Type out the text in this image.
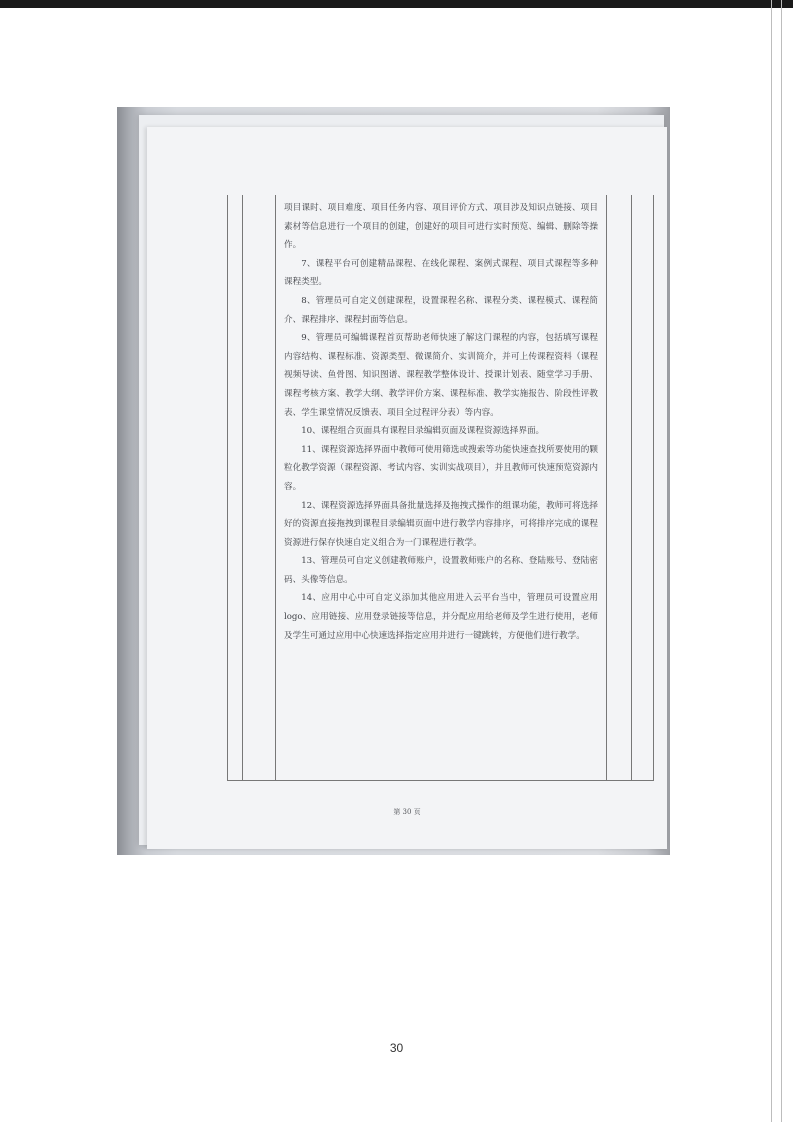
项目课时、项目难度、项目任务内容、项目评价方式、项目涉及知识点链接、项目素材等信息进行一个项目的创建，创建好的项目可进行实时预览、编辑、删除等操作。

7、课程平台可创建精品课程、在线化课程、案例式课程、项目式课程等多种课程类型。

8、管理员可自定义创建课程，设置课程名称、课程分类、课程模式、课程简介、课程排序、课程封面等信息。

9、管理员可编辑课程首页帮助老师快速了解这门课程的内容，包括填写课程内容结构、课程标准、资源类型、微课简介、实训简介，并可上传课程资料（课程视频导读、鱼骨图、知识图谱、课程教学整体设计、授课计划表、随堂学习手册、课程考核方案、教学大纲、教学评价方案、课程标准、教学实施报告、阶段性评教表、学生课堂情况反馈表、项目全过程评分表）等内容。

10、课程组合页面具有课程目录编辑页面及课程资源选择界面。

11、课程资源选择界面中教师可使用筛选或搜索等功能快速查找所要使用的颗粒化教学资源（课程资源、考试内容、实训实战项目），并且教师可快速预览资源内容。

12、课程资源选择界面具备批量选择及拖拽式操作的组课功能，教师可将选择好的资源直接拖拽到课程目录编辑页面中进行教学内容排序，可将排序完成的课程资源进行保存快速自定义组合为一门课程进行教学。

13、管理员可自定义创建教师账户，设置教师账户的名称、登陆账号、登陆密码、头像等信息。

14、应用中心中可自定义添加其他应用进入云平台当中，管理员可设置应用logo、应用链接、应用登录链接等信息，并分配应用给老师及学生进行使用，老师及学生可通过应用中心快速选择指定应用并进行一键跳转，方便他们进行教学。

第 30 页
30
